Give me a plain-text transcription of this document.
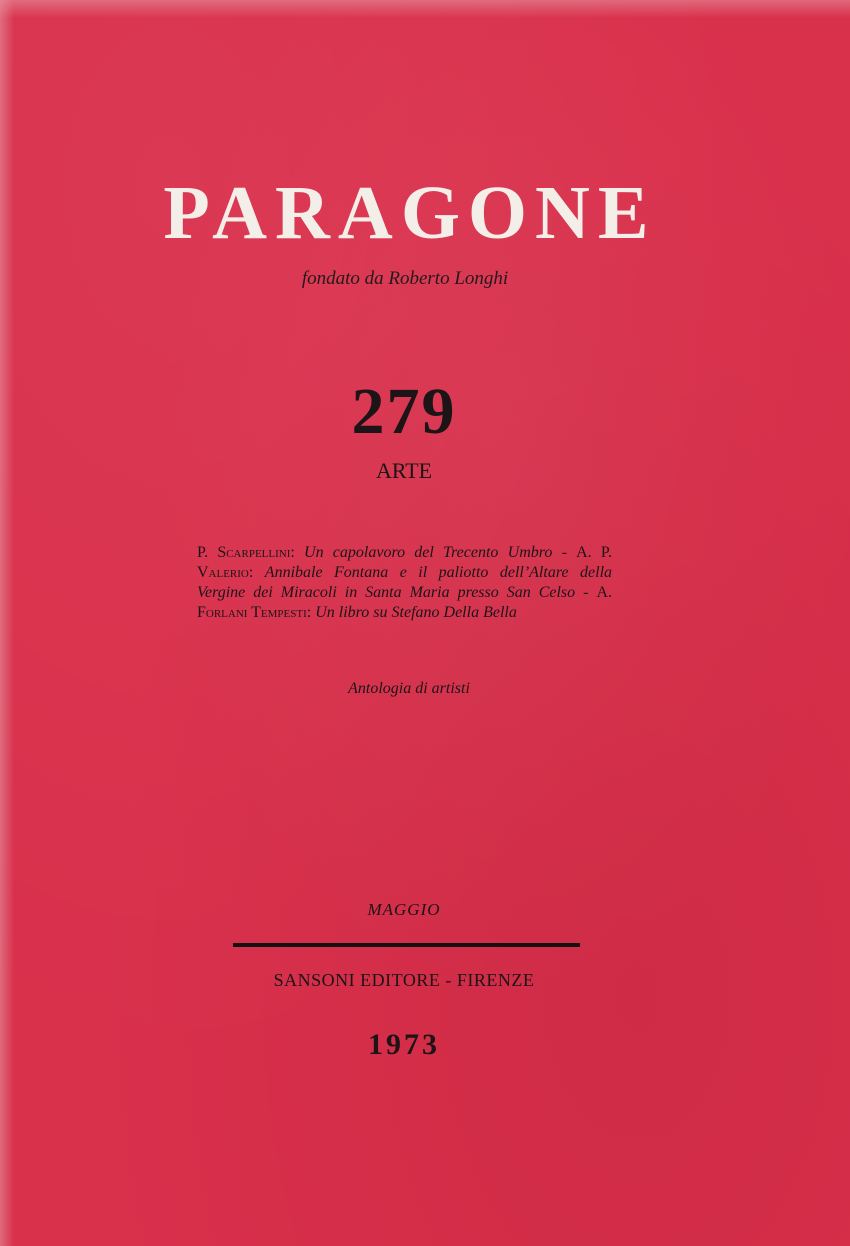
PARAGONE
fondato da Roberto Longhi
279
ARTE
P. Scarpellini: Un capolavoro del Trecento Umbro - A. P. Valerio: Annibale Fontana e il paliotto dell’Altare della Vergine dei Miracoli in Santa Maria presso San Celso - A. Forlani Tempesti: Un libro su Stefano Della Bella
Antologia di artisti
MAGGIO
SANSONI EDITORE - FIRENZE
1973
